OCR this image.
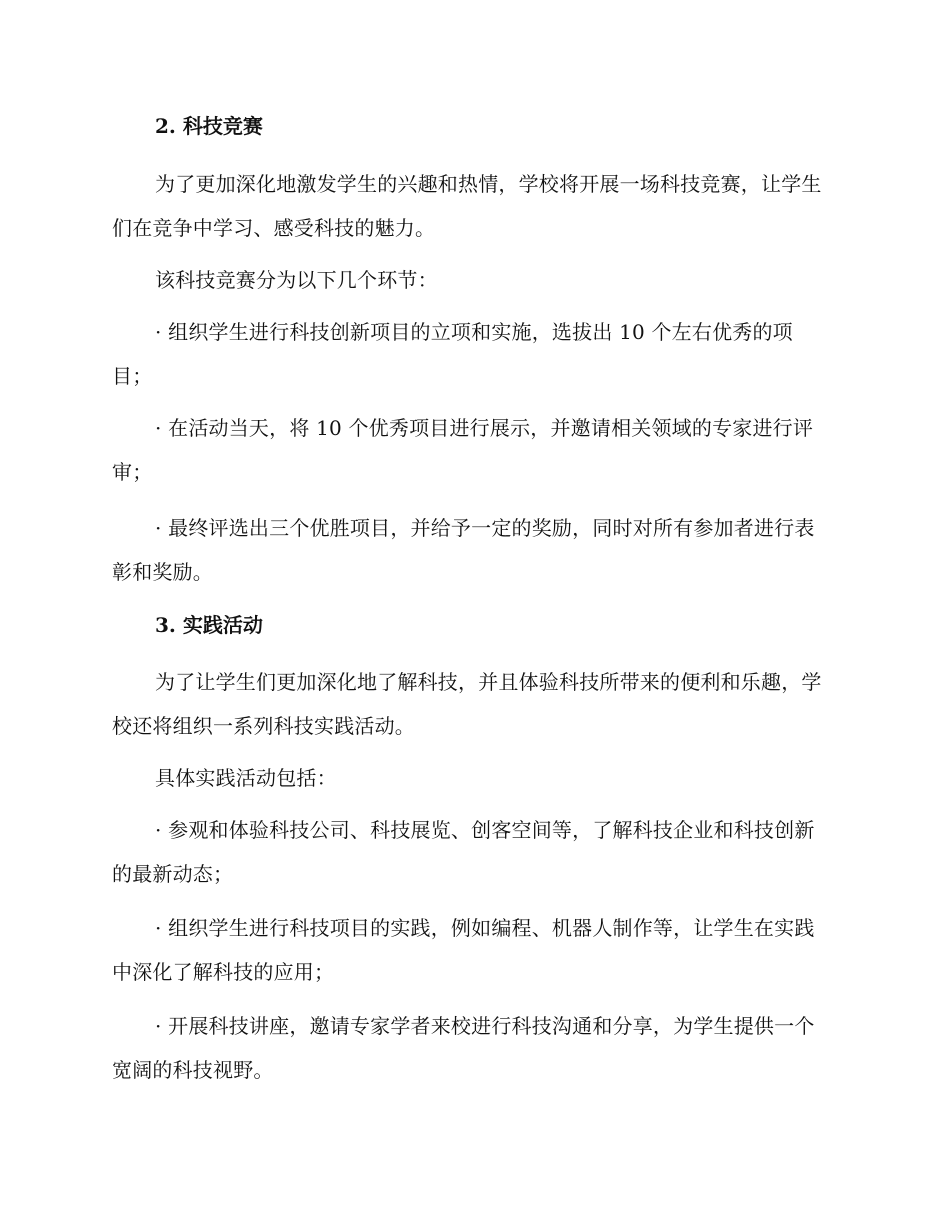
2. 科技竞赛

为了更加深化地激发学生的兴趣和热情，学校将开展一场科技竞赛，让学生们在竞争中学习、感受科技的魅力。

该科技竞赛分为以下几个环节：

· 组织学生进行科技创新项目的立项和实施，选拔出 10 个左右优秀的项目；

· 在活动当天，将 10 个优秀项目进行展示，并邀请相关领域的专家进行评审；

· 最终评选出三个优胜项目，并给予一定的奖励，同时对所有参加者进行表彰和奖励。

3. 实践活动

为了让学生们更加深化地了解科技，并且体验科技所带来的便利和乐趣，学校还将组织一系列科技实践活动。

具体实践活动包括：

· 参观和体验科技公司、科技展览、创客空间等，了解科技企业和科技创新的最新动态；

· 组织学生进行科技项目的实践，例如编程、机器人制作等，让学生在实践中深化了解科技的应用；

· 开展科技讲座，邀请专家学者来校进行科技沟通和分享，为学生提供一个宽阔的科技视野。
